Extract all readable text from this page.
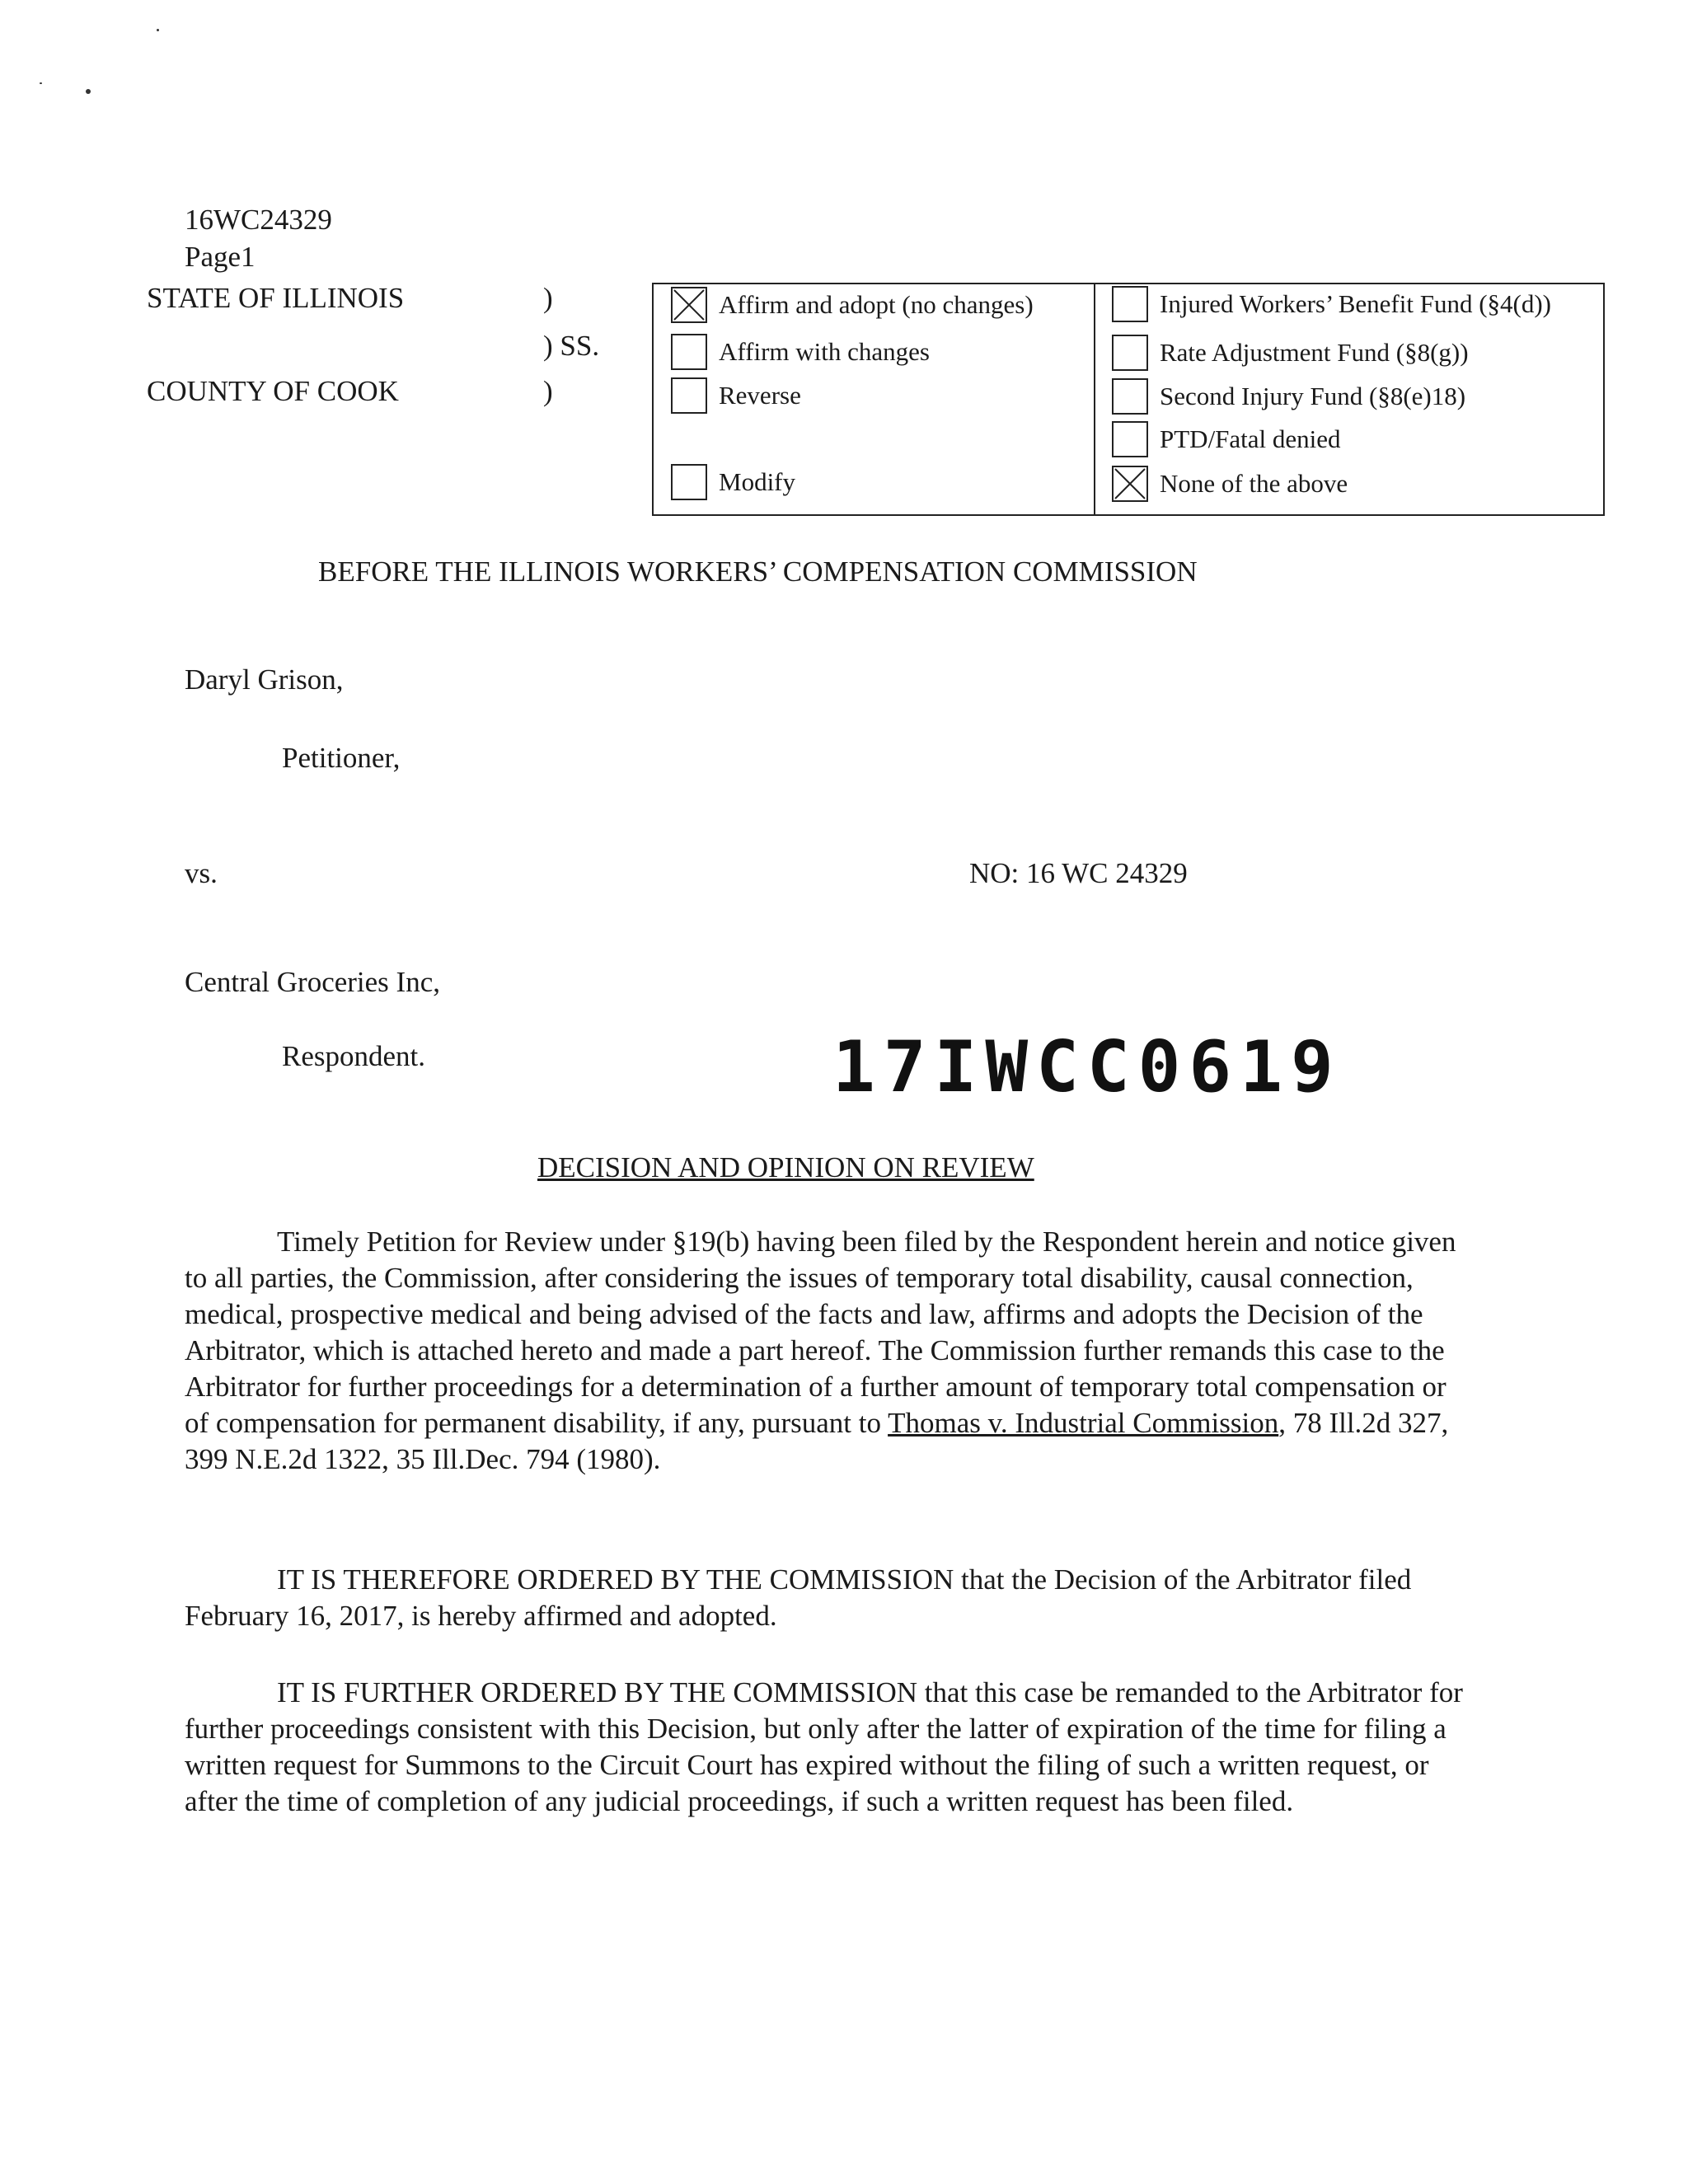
16WC24329
Page1
STATE OF ILLINOIS
COUNTY OF COOK
)
) SS.
)
Affirm and adopt (no changes)
Affirm with changes
Reverse
Modify
Injured Workers’ Benefit Fund (§4(d))
Rate Adjustment Fund (§8(g))
Second Injury Fund (§8(e)18)
PTD/Fatal denied
None of the above
BEFORE THE ILLINOIS WORKERS’ COMPENSATION COMMISSION
Daryl Grison,
Petitioner,
vs.	NO: 16 WC 24329
Central Groceries Inc,
Respondent.	17IWCC0619
DECISION AND OPINION ON REVIEW
Timely Petition for Review under §19(b) having been filed by the Respondent herein and notice given to all parties, the Commission, after considering the issues of temporary total disability, causal connection, medical, prospective medical and being advised of the facts and law, affirms and adopts the Decision of the Arbitrator, which is attached hereto and made a part hereof. The Commission further remands this case to the Arbitrator for further proceedings for a determination of a further amount of temporary total compensation or of compensation for permanent disability, if any, pursuant to Thomas v. Industrial Commission, 78 Ill.2d 327, 399 N.E.2d 1322, 35 Ill.Dec. 794 (1980).
IT IS THEREFORE ORDERED BY THE COMMISSION that the Decision of the Arbitrator filed February 16, 2017, is hereby affirmed and adopted.
IT IS FURTHER ORDERED BY THE COMMISSION that this case be remanded to the Arbitrator for further proceedings consistent with this Decision, but only after the latter of expiration of the time for filing a written request for Summons to the Circuit Court has expired without the filing of such a written request, or after the time of completion of any judicial proceedings, if such a written request has been filed.
